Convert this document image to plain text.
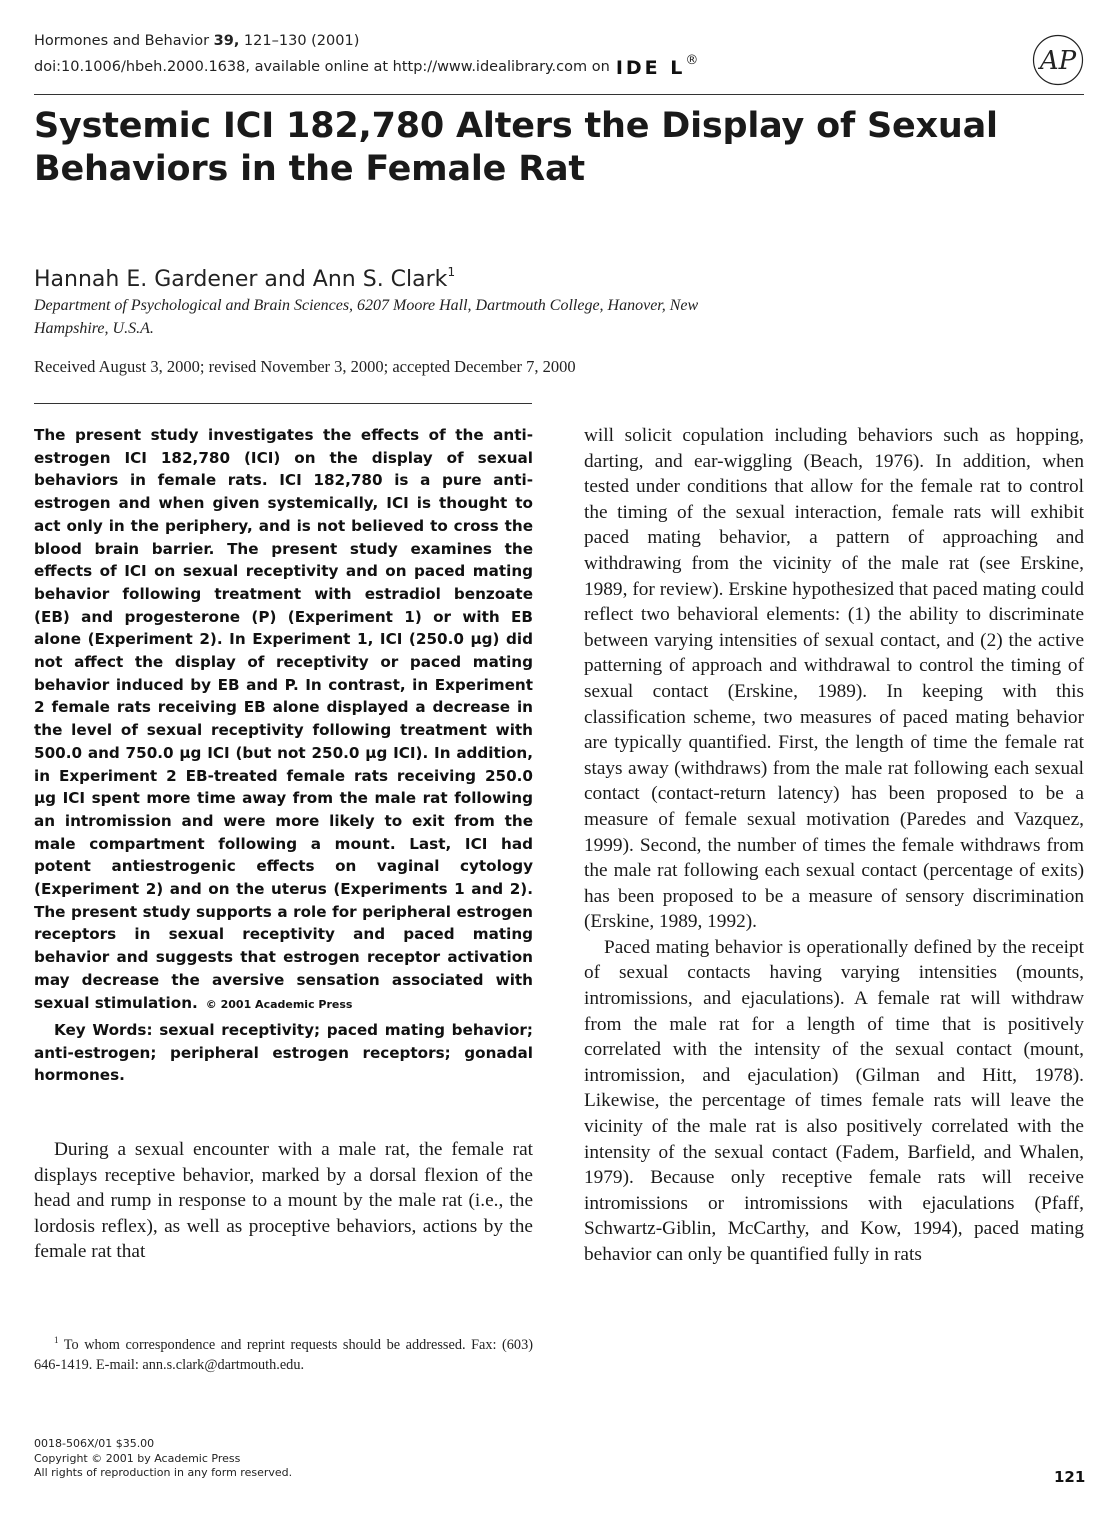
Hormones and Behavior 39, 121–130 (2001)
doi:10.1006/hbeh.2000.1638, available online at http://www.idealibrary.com on IDE L®	AP
Systemic ICI 182,780 Alters the Display of Sexual Behaviors in the Female Rat
Hannah E. Gardener and Ann S. Clark$^1$
Department of Psychological and Brain Sciences, 6207 Moore Hall, Dartmouth College, Hanover, New Hampshire, U.S.A.
Received August 3, 2000; revised November 3, 2000; accepted December 7, 2000
The present study investigates the effects of the anti-estrogen ICI 182,780 (ICI) on the display of sexual behaviors in female rats. ICI 182,780 is a pure anti-estrogen and when given systemically, ICI is thought to act only in the periphery, and is not believed to cross the blood brain barrier. The present study examines the effects of ICI on sexual receptivity and on paced mating behavior following treatment with estradiol benzoate (EB) and progesterone (P) (Experiment 1) or with EB alone (Experiment 2). In Experiment 1, ICI (250.0 μg) did not affect the display of receptivity or paced mating behavior induced by EB and P. In contrast, in Experiment 2 female rats receiving EB alone displayed a decrease in the level of sexual receptivity following treatment with 500.0 and 750.0 μg ICI (but not 250.0 μg ICI). In addition, in Experiment 2 EB-treated female rats receiving 250.0 μg ICI spent more time away from the male rat following an intromission and were more likely to exit from the male compartment following a mount. Last, ICI had potent antiestrogenic effects on vaginal cytology (Experiment 2) and on the uterus (Experiments 1 and 2). The present study supports a role for peripheral estrogen receptors in sexual receptivity and paced mating behavior and suggests that estrogen receptor activation may decrease the aversive sensation associated with sexual stimulation. © 2001 Academic Press
Key Words: sexual receptivity; paced mating behavior; anti-estrogen; peripheral estrogen receptors; gonadal hormones.
During a sexual encounter with a male rat, the female rat displays receptive behavior, marked by a dorsal flexion of the head and rump in response to a mount by the male rat (i.e., the lordosis reflex), as well as proceptive behaviors, actions by the female rat that

will solicit copulation including behaviors such as hopping, darting, and ear-wiggling (Beach, 1976). In addition, when tested under conditions that allow for the female rat to control the timing of the sexual interaction, female rats will exhibit paced mating behavior, a pattern of approaching and withdrawing from the vicinity of the male rat (see Erskine, 1989, for review). Erskine hypothesized that paced mating could reflect two behavioral elements: (1) the ability to discriminate between varying intensities of sexual contact, and (2) the active patterning of approach and withdrawal to control the timing of sexual contact (Erskine, 1989). In keeping with this classification scheme, two measures of paced mating behavior are typically quantified. First, the length of time the female rat stays away (withdraws) from the male rat following each sexual contact (contact-return latency) has been proposed to be a measure of female sexual motivation (Paredes and Vazquez, 1999). Second, the number of times the female withdraws from the male rat following each sexual contact (percentage of exits) has been proposed to be a measure of sensory discrimination (Erskine, 1989, 1992).

Paced mating behavior is operationally defined by the receipt of sexual contacts having varying intensities (mounts, intromissions, and ejaculations). A female rat will withdraw from the male rat for a length of time that is positively correlated with the intensity of the sexual contact (mount, intromission, and ejaculation) (Gilman and Hitt, 1978). Likewise, the percentage of times female rats will leave the vicinity of the male rat is also positively correlated with the intensity of the sexual contact (Fadem, Barfield, and Whalen, 1979). Because only receptive female rats will receive intromissions or intromissions with ejaculations (Pfaff, Schwartz-Giblin, McCarthy, and Kow, 1994), paced mating behavior can only be quantified fully in rats

$^1$ To whom correspondence and reprint requests should be addressed. Fax: (603) 646-1419. E-mail: ann.s.clark@dartmouth.edu.
0018-506X/01 $35.00
Copyright © 2001 by Academic Press
All rights of reproduction in any form reserved.	121
